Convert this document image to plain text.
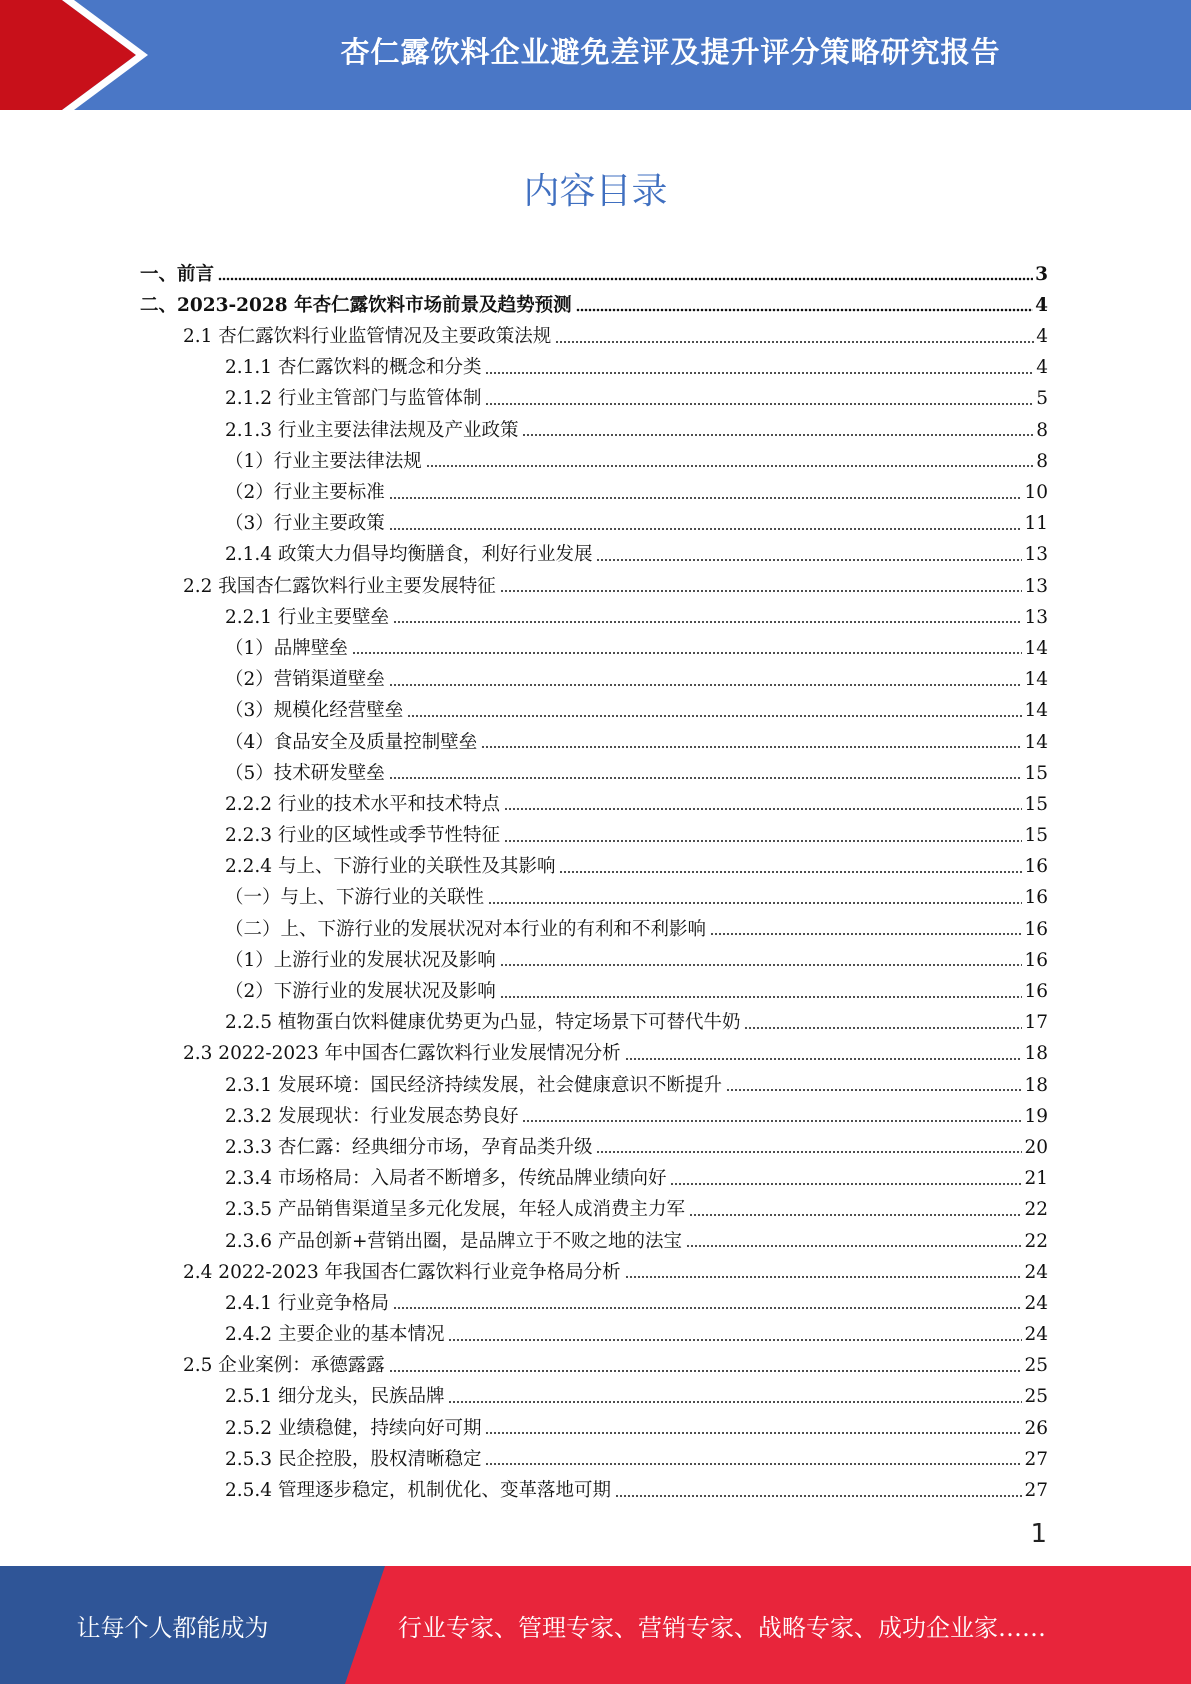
杏仁露饮料企业避免差评及提升评分策略研究报告
内容目录
一、前言	3
二、2023-2028 年杏仁露饮料市场前景及趋势预测	4
2.1 杏仁露饮料行业监管情况及主要政策法规	4
2.1.1 杏仁露饮料的概念和分类	4
2.1.2 行业主管部门与监管体制	5
2.1.3 行业主要法律法规及产业政策	8
（1）行业主要法律法规	8
（2）行业主要标准	10
（3）行业主要政策	11
2.1.4 政策大力倡导均衡膳食，利好行业发展	13
2.2 我国杏仁露饮料行业主要发展特征	13
2.2.1 行业主要壁垒	13
（1）品牌壁垒	14
（2）营销渠道壁垒	14
（3）规模化经营壁垒	14
（4）食品安全及质量控制壁垒	14
（5）技术研发壁垒	15
2.2.2 行业的技术水平和技术特点	15
2.2.3 行业的区域性或季节性特征	15
2.2.4 与上、下游行业的关联性及其影响	16
（一）与上、下游行业的关联性	16
（二）上、下游行业的发展状况对本行业的有利和不利影响	16
（1）上游行业的发展状况及影响	16
（2）下游行业的发展状况及影响	16
2.2.5 植物蛋白饮料健康优势更为凸显，特定场景下可替代牛奶	17
2.3 2022-2023 年中国杏仁露饮料行业发展情况分析	18
2.3.1 发展环境：国民经济持续发展，社会健康意识不断提升	18
2.3.2 发展现状：行业发展态势良好	19
2.3.3 杏仁露：经典细分市场，孕育品类升级	20
2.3.4 市场格局：入局者不断增多，传统品牌业绩向好	21
2.3.5 产品销售渠道呈多元化发展，年轻人成消费主力军	22
2.3.6 产品创新+营销出圈，是品牌立于不败之地的法宝	22
2.4 2022-2023 年我国杏仁露饮料行业竞争格局分析	24
2.4.1 行业竞争格局	24
2.4.2 主要企业的基本情况	24
2.5 企业案例：承德露露	25
2.5.1 细分龙头，民族品牌	25
2.5.2 业绩稳健，持续向好可期	26
2.5.3 民企控股，股权清晰稳定	27
2.5.4 管理逐步稳定，机制优化、变革落地可期	27
1
让每个人都能成为	行业专家、管理专家、营销专家、战略专家、成功企业家……
